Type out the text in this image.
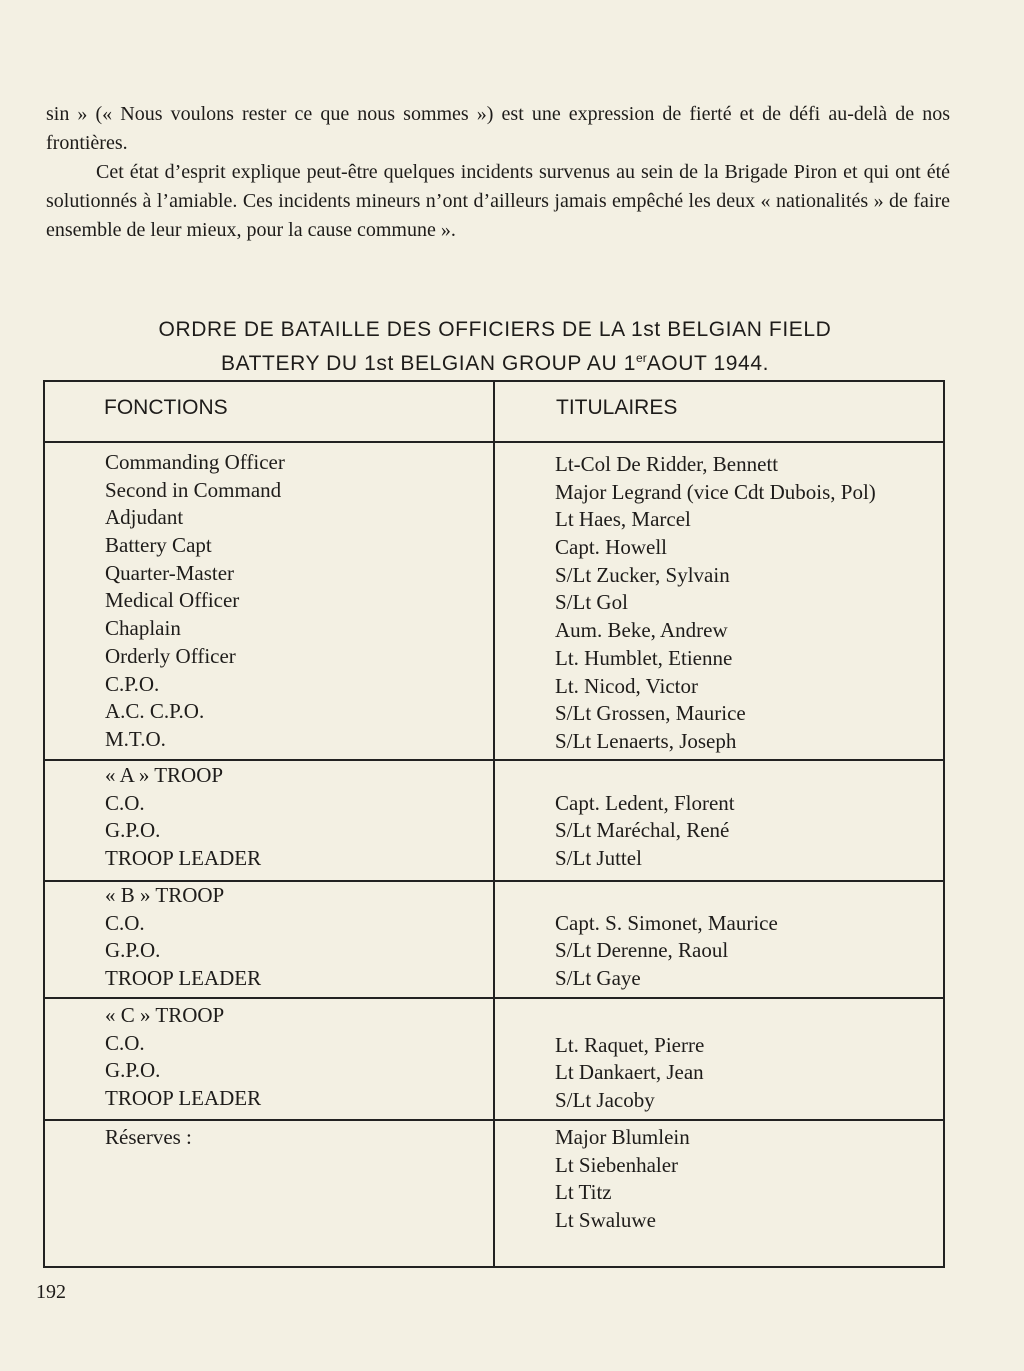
sin » (« Nous voulons rester ce que nous sommes ») est une expression de fierté et de défi au-delà de nos frontières.

Cet état d’esprit explique peut-être quelques incidents survenus au sein de la Brigade Piron et qui ont été solutionnés à l’amiable. Ces incidents mineurs n’ont d’ailleurs jamais empêché les deux « nationalités » de faire ensemble de leur mieux, pour la cause commune ».

ORDRE DE BATAILLE DES OFFICIERS DE LA 1st BELGIAN FIELD
BATTERY DU 1st BELGIAN GROUP AU 1erAOUT 1944.
FONCTIONS	TITULAIRES
Commanding Officer
Second in Command
Adjudant
Battery Capt
Quarter-Master
Medical Officer
Chaplain
Orderly Officer
C.P.O.
A.C. C.P.O.
M.T.O.
Lt-Col De Ridder, Bennett
Major Legrand (vice Cdt Dubois, Pol)
Lt Haes, Marcel
Capt. Howell
S/Lt Zucker, Sylvain
S/Lt Gol
Aum. Beke, Andrew
Lt. Humblet, Etienne
Lt. Nicod, Victor
S/Lt Grossen, Maurice
S/Lt Lenaerts, Joseph
« A » TROOP
C.O.
G.P.O.
TROOP LEADER
Capt. Ledent, Florent
S/Lt Maréchal, René
S/Lt Juttel
« B » TROOP
C.O.
G.P.O.
TROOP LEADER
Capt. S. Simonet, Maurice
S/Lt Derenne, Raoul
S/Lt Gaye
« C » TROOP
C.O.
G.P.O.
TROOP LEADER
Lt. Raquet, Pierre
Lt Dankaert, Jean
S/Lt Jacoby
Réserves :	Major Blumlein
Lt Siebenhaler
Lt Titz
Lt Swaluwe
192
